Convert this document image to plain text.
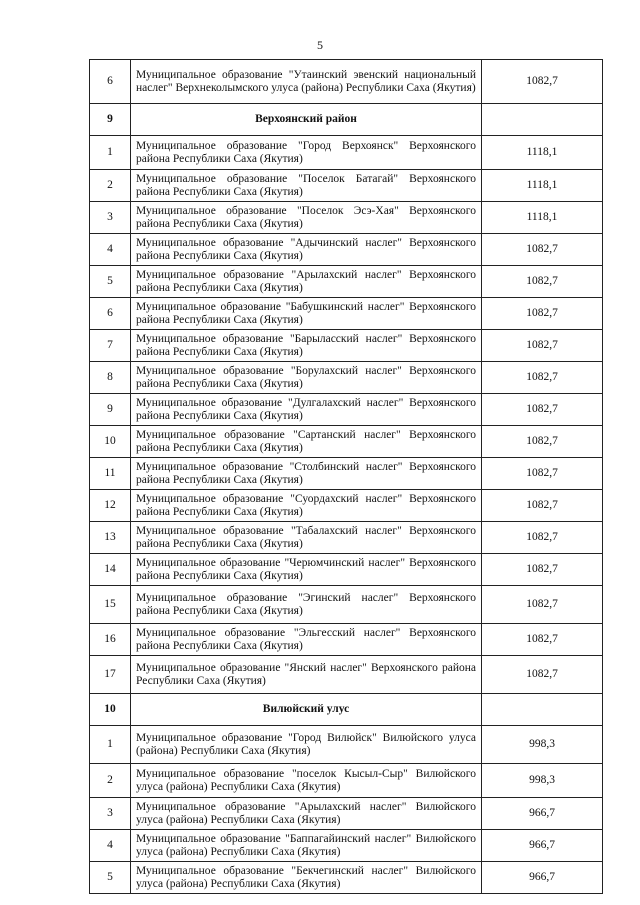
5
6	Муниципальное образование "Утаинский эвенский национальный наслег" Верхнеколымского улуса (района) Республики Саха (Якутия)	1082,7
9	Верхоянский район	
1	Муниципальное образование "Город Верхоянск" Верхоянского района Республики Саха (Якутия)	1118,1
2	Муниципальное образование "Поселок Батагай" Верхоянского района Республики Саха (Якутия)	1118,1
3	Муниципальное образование "Поселок Эсэ-Хая" Верхоянского района Республики Саха (Якутия)	1118,1
4	Муниципальное образование "Адычинский наслег" Верхоянского района Республики Саха (Якутия)	1082,7
5	Муниципальное образование "Арылахский наслег" Верхоянского района Республики Саха (Якутия)	1082,7
6	Муниципальное образование "Бабушкинский наслег" Верхоянского района Республики Саха (Якутия)	1082,7
7	Муниципальное образование "Барыласский наслег" Верхоянского района Республики Саха (Якутия)	1082,7
8	Муниципальное образование "Борулахский наслег" Верхоянского района Республики Саха (Якутия)	1082,7
9	Муниципальное образование "Дулгалахский наслег" Верхоянского района Республики Саха (Якутия)	1082,7
10	Муниципальное образование "Сартанский наслег" Верхоянского района Республики Саха (Якутия)	1082,7
11	Муниципальное образование "Столбинский наслег" Верхоянского района Республики Саха (Якутия)	1082,7
12	Муниципальное образование "Суордахский наслег" Верхоянского района Республики Саха (Якутия)	1082,7
13	Муниципальное образование "Табалахский наслег" Верхоянского района Республики Саха (Якутия)	1082,7
14	Муниципальное образование "Черюмчинский наслег" Верхоянского района Республики Саха (Якутия)	1082,7
15	Муниципальное образование "Эгинский наслег" Верхоянского района Республики Саха (Якутия)	1082,7
16	Муниципальное образование "Эльгесский наслег" Верхоянского района Республики Саха (Якутия)	1082,7
17	Муниципальное образование "Янский наслег" Верхоянского района Республики Саха (Якутия)	1082,7
10	Вилюйский улус	
1	Муниципальное образование "Город Вилюйск" Вилюйского улуса (района) Республики Саха (Якутия)	998,3
2	Муниципальное образование "поселок Кысыл-Сыр" Вилюйского улуса (района) Республики Саха (Якутия)	998,3
3	Муниципальное образование "Арылахский наслег" Вилюйского улуса (района) Республики Саха (Якутия)	966,7
4	Муниципальное образование "Баппагайинский наслег" Вилюйского улуса (района) Республики Саха (Якутия)	966,7
5	Муниципальное образование "Бекчегинский наслег" Вилюйского улуса (района) Республики Саха (Якутия)	966,7
